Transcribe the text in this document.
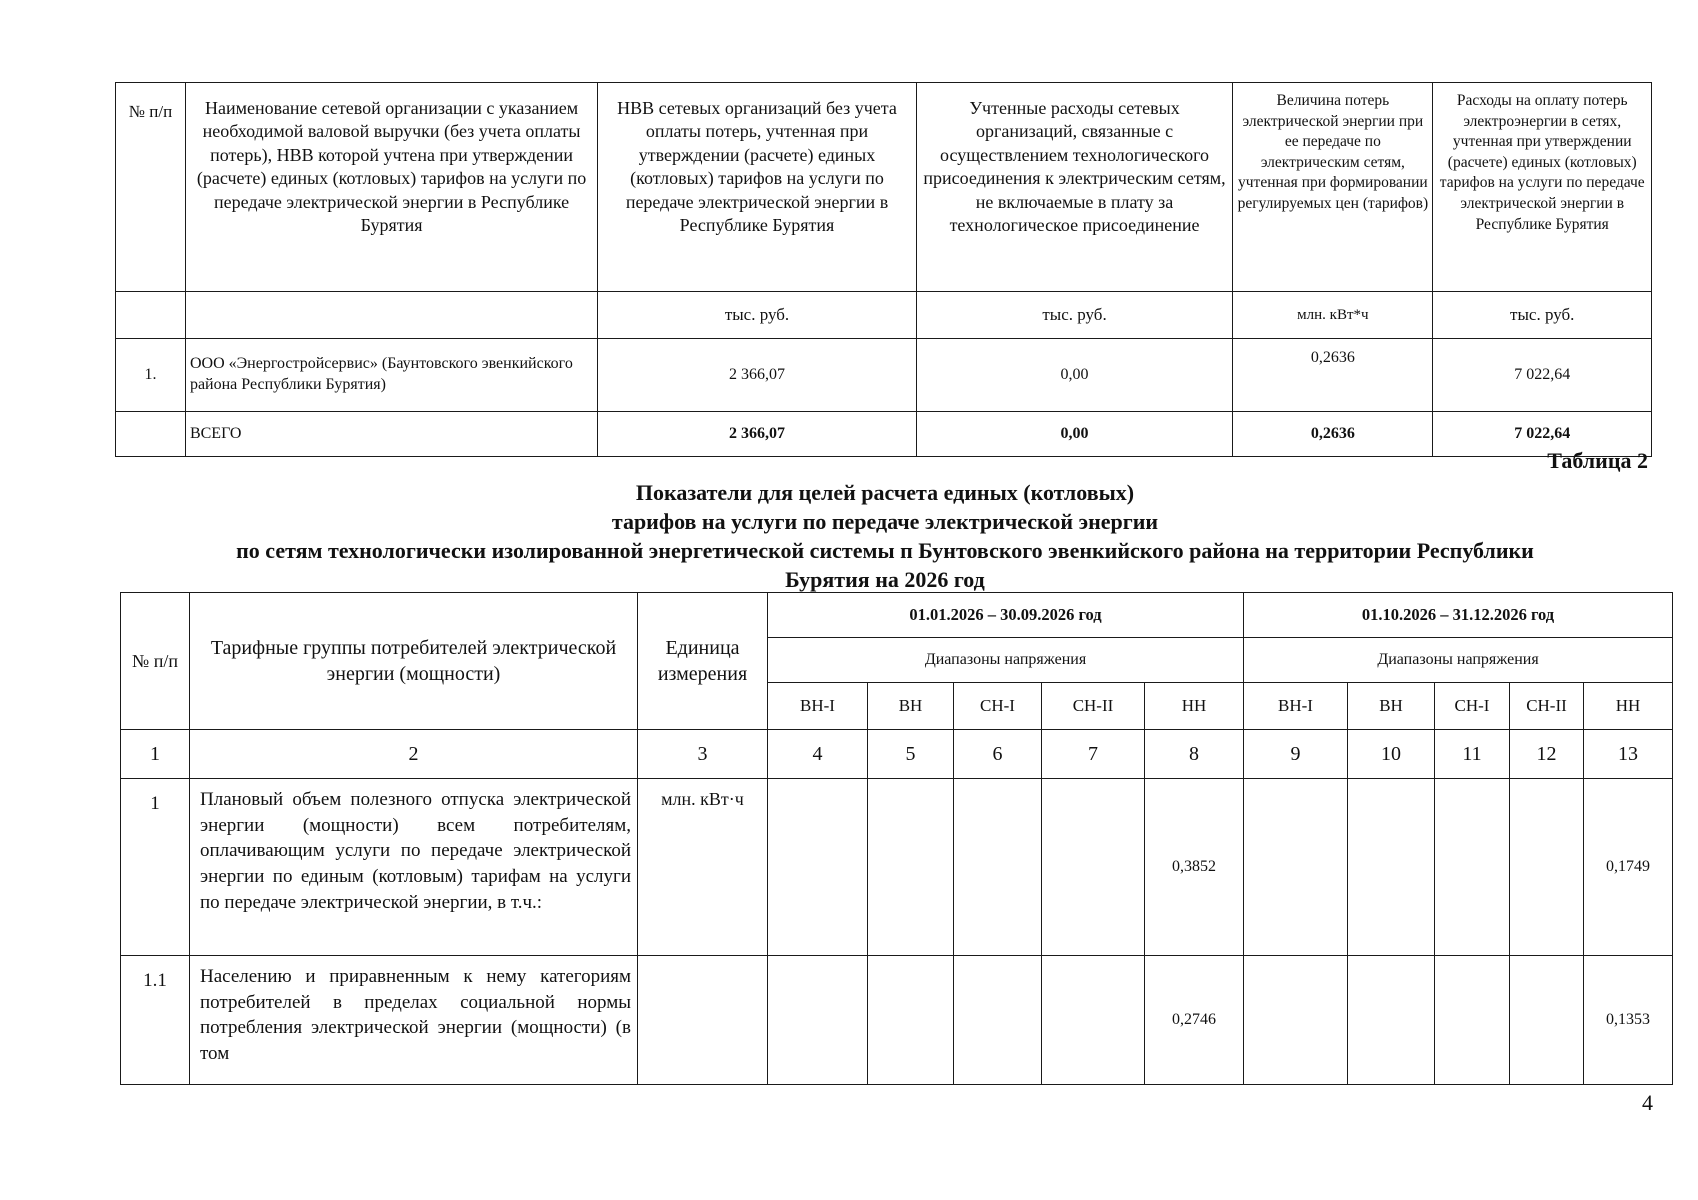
№ п/п	Наименование сетевой организации с указанием необходимой валовой выручки (без учета оплаты потерь), НВВ которой учтена при утверждении (расчете) единых (котловых) тарифов на услуги по передаче электрической энергии в Республике Бурятия	НВВ сетевых организаций без учета оплаты потерь, учтенная при утверждении (расчете) единых (котловых) тарифов на услуги по передаче электрической энергии в Республике Бурятия	Учтенные расходы сетевых организаций, связанные с осуществлением технологического присоединения к электрическим сетям, не включаемые в плату за технологическое присоединение	Величина потерь электрической энергии при ее передаче по электрическим сетям, учтенная при формировании регулируемых цен (тарифов)	Расходы на оплату потерь электроэнергии в сетях, учтенная при утверждении (расчете) единых (котловых) тарифов на услуги по передаче электрической энергии в Республике Бурятия
		тыс. руб.	тыс. руб.	млн. кВт*ч	тыс. руб.
1.	ООО «Энергостройсервис» (Баунтовского эвенкийского района Республики Бурятия)	2 366,07	0,00	0,2636	7 022,64
	ВСЕГО	2 366,07	0,00	0,2636	7 022,64
Таблица 2
Показатели для целей расчета единых (котловых)
тарифов на услуги по передаче электрической энергии
по сетям технологически изолированной энергетической системы п Бунтовского эвенкийского района на территории Республики
Бурятия на 2026 год
№ п/п	Тарифные группы потребителей электрической энергии (мощности)	Единица измерения	01.01.2026 – 30.09.2026 год					01.10.2026 – 31.12.2026 год				
			Диапазоны напряжения					Диапазоны напряжения				
			ВН-I	ВН	СН-I	СН-II	НН	ВН-I	ВН	СН-I	СН-II	НН
1	2	3	4	5	6	7	8	9	10	11	12	13
1	Плановый объем полезного отпуска электрической энергии (мощности) всем потребителям, оплачивающим услуги по передаче электрической энергии по единым (котловым) тарифам на услуги по передаче электрической энергии, в т.ч.:	млн. кВт·ч					0,3852					0,1749
1.1	Населению и приравненным к нему категориям потребителей в пределах социальной нормы потребления электрической энергии (мощности) (в том						0,2746					0,1353
4
